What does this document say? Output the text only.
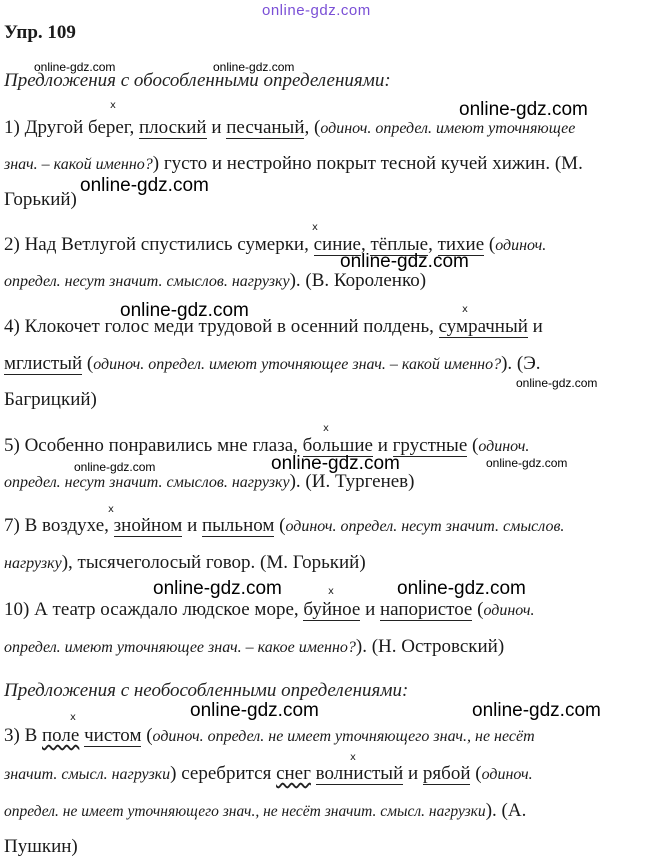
online-gdz.com
Упр. 109
online-gdz.com	online-gdz.com
Предложения с обособленными определениями:
x	online-gdz.com
1) Другой берег, плоский и песчаный, (одиноч. определ. имеют уточняющее
знач. – какой именно?) густо и нестройно покрыт тесной кучей хижин. (М.
online-gdz.com
Горький)
x
2) Над Ветлугой спустились сумерки, синие, тёплые, тихие (одиноч.
online-gdz.com
определ. несут значит. смыслов. нагрузку). (В. Короленко)
online-gdz.com	x
4) Клокочет голос меди трудовой в осенний полдень, сумрачный и
мглистый (одиноч. определ. имеют уточняющее знач. – какой именно?). (Э.
online-gdz.com
Багрицкий)
x
5) Особенно понравились мне глаза, большие и грустные (одиноч.
online-gdz.com
online-gdz.com	online-gdz.com
определ. несут значит. смыслов. нагрузку). (И. Тургенев)
x
7) В воздухе, знойном и пыльном (одиноч. определ. несут значит. смыслов.
нагрузку), тысячеголосый говор. (М. Горький)
online-gdz.com	online-gdz.com
x
10) А театр осаждало людское море, буйное и напористое (одиноч.
определ. имеют уточняющее знач. – какое именно?). (Н. Островский)
Предложения с необособленными определениями:
online-gdz.com	online-gdz.com
x
3) В поле чистом (одиноч. определ. не имеет уточняющего знач., не несёт
x
значит. смысл. нагрузки) серебрится снег волнистый и рябой (одиноч.
определ. не имеет уточняющего знач., не несёт значит. смысл. нагрузки). (А.
Пушкин)
